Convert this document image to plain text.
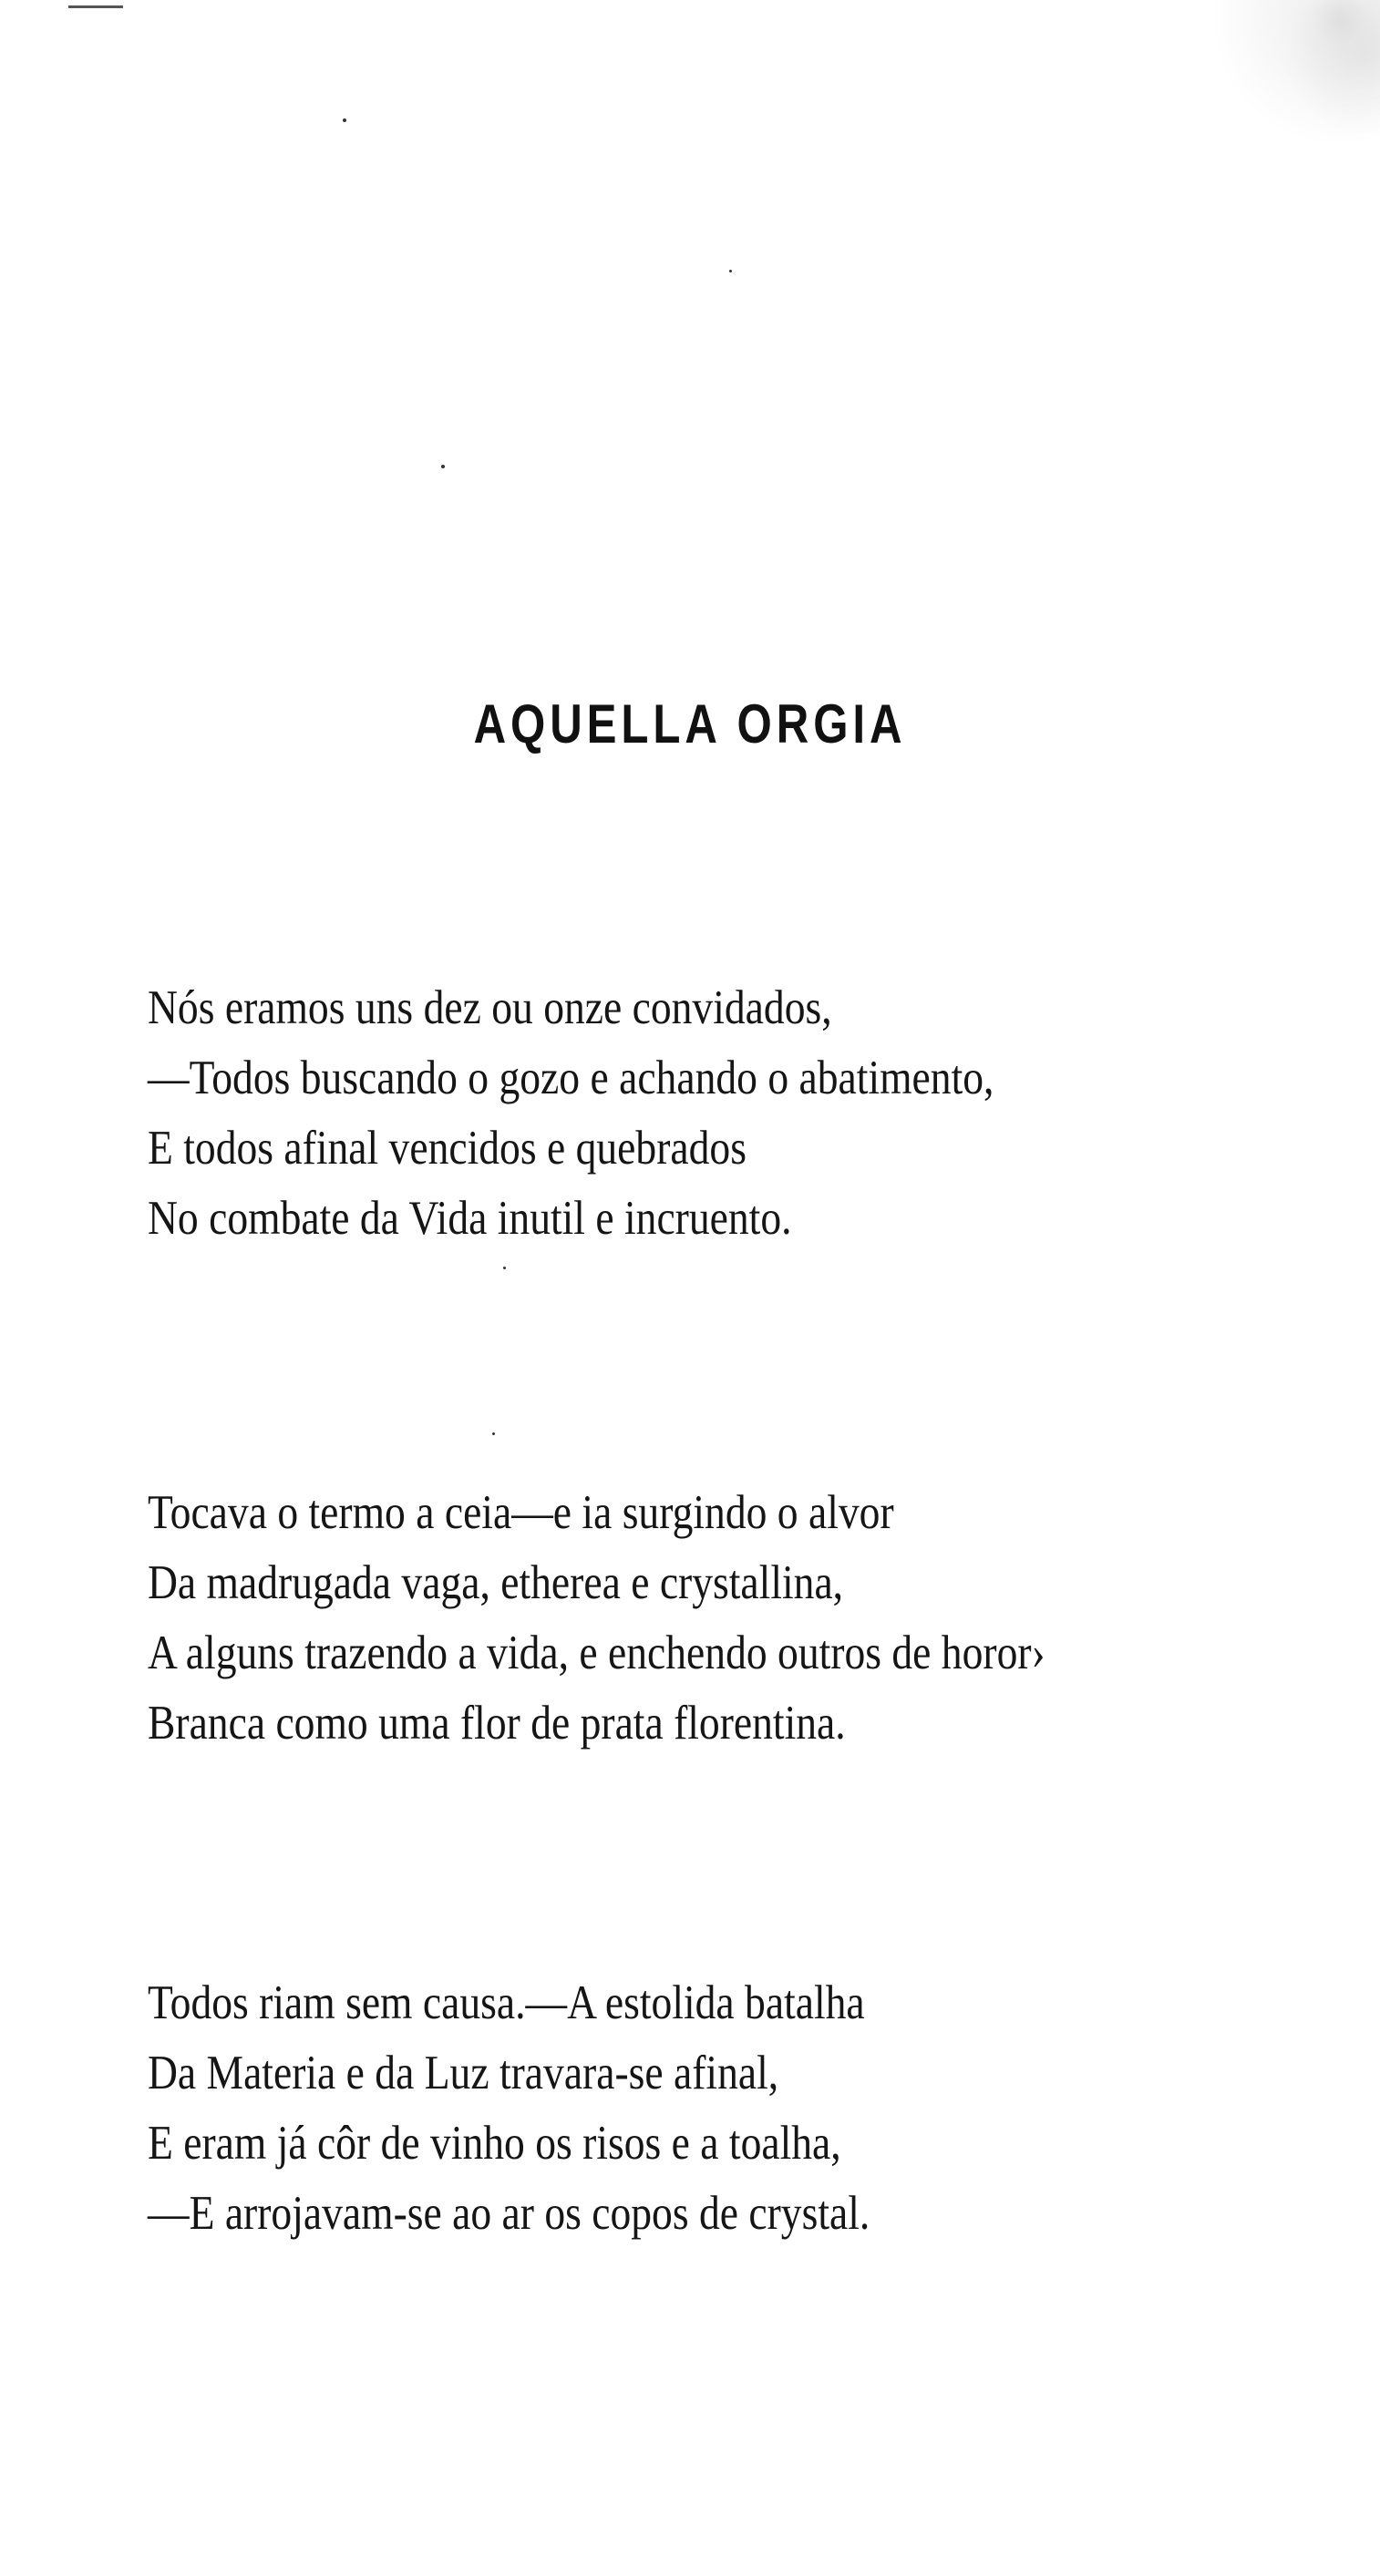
AQUELLA ORGIA
Nós eramos uns dez ou onze convidados,
—Todos buscando o gozo e achando o abatimento,
E todos afinal vencidos e quebrados
No combate da Vida inutil e incruento.
Tocava o termo a ceia—e ia surgindo o alvor
Da madrugada vaga, etherea e crystallina,
A alguns trazendo a vida, e enchendo outros de horor›
Branca como uma flor de prata florentina.
Todos riam sem causa.—A estolida batalha
Da Materia e da Luz travara-se afinal,
E eram já côr de vinho os risos e a toalha,
—E arrojavam-se ao ar os copos de crystal.
